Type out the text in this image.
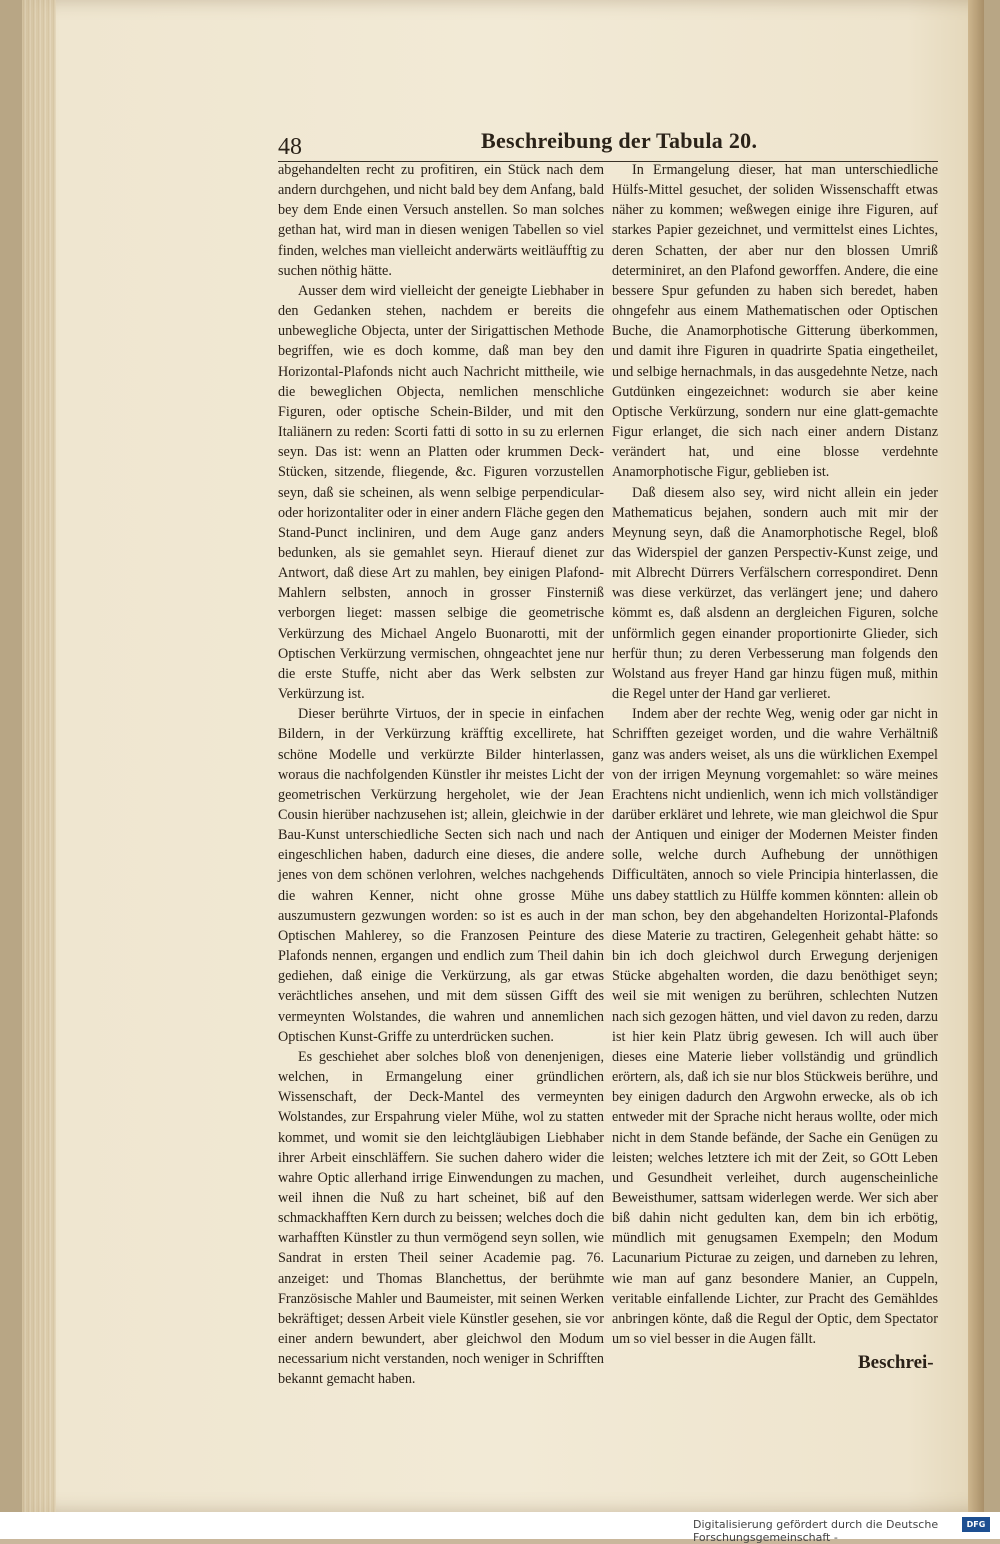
48	Beschreibung der Tabula 20.

abgehandelten recht zu profitiren, ein Stück nach dem andern durchgehen, und nicht bald bey dem Anfang, bald bey dem Ende einen Versuch anstellen. So man solches gethan hat, wird man in diesen wenigen Tabellen so viel finden, welches man vielleicht anderwärts weitläufftig zu suchen nöthig hätte.

Ausser dem wird vielleicht der geneigte Liebhaber in den Gedanken stehen, nachdem er bereits die unbewegliche Objecta, unter der Sirigattischen Methode begriffen, wie es doch komme, daß man bey den Horizontal-Plafonds nicht auch Nachricht mittheile, wie die beweglichen Objecta, nemlichen menschliche Figuren, oder optische Schein-Bilder, und mit den Italiänern zu reden: Scorti fatti di sotto in su zu erlernen seyn. Das ist: wenn an Platten oder krummen Deck-Stücken, sitzende, fliegende, &c. Figuren vorzustellen seyn, daß sie scheinen, als wenn selbige perpendicular- oder horizontaliter oder in einer andern Fläche gegen den Stand-Punct incliniren, und dem Auge ganz anders bedunken, als sie gemahlet seyn. Hierauf dienet zur Antwort, daß diese Art zu mahlen, bey einigen Plafond-Mahlern selbsten, annoch in grosser Finsterniß verborgen lieget: massen selbige die geometrische Verkürzung des Michael Angelo Buonarotti, mit der Optischen Verkürzung vermischen, ohngeachtet jene nur die erste Stuffe, nicht aber das Werk selbsten zur Verkürzung ist.

Dieser berührte Virtuos, der in specie in einfachen Bildern, in der Verkürzung kräfftig excellirete, hat schöne Modelle und verkürzte Bilder hinterlassen, woraus die nachfolgenden Künstler ihr meistes Licht der geometrischen Verkürzung hergeholet, wie der Jean Cousin hierüber nachzusehen ist; allein, gleichwie in der Bau-Kunst unterschiedliche Secten sich nach und nach eingeschlichen haben, dadurch eine dieses, die andere jenes von dem schönen verlohren, welches nachgehends die wahren Kenner, nicht ohne grosse Mühe auszumustern gezwungen worden: so ist es auch in der Optischen Mahlerey, so die Franzosen Peinture des Plafonds nennen, ergangen und endlich zum Theil dahin gediehen, daß einige die Verkürzung, als gar etwas verächtliches ansehen, und mit dem süssen Gifft des vermeynten Wolstandes, die wahren und annemlichen Optischen Kunst-Griffe zu unterdrücken suchen.

Es geschiehet aber solches bloß von denenjenigen, welchen, in Ermangelung einer gründlichen Wissenschaft, der Deck-Mantel des vermeynten Wolstandes, zur Erspahrung vieler Mühe, wol zu statten kommet, und womit sie den leichtgläubigen Liebhaber ihrer Arbeit einschläffern. Sie suchen dahero wider die wahre Optic allerhand irrige Einwendungen zu machen, weil ihnen die Nuß zu hart scheinet, biß auf den schmackhafften Kern durch zu beissen; welches doch die warhafften Künstler zu thun vermögend seyn sollen, wie Sandrat in ersten Theil seiner Academie pag. 76. anzeiget: und Thomas Blanchettus, der berühmte Französische Mahler und Baumeister, mit seinen Werken bekräftiget; dessen Arbeit viele Künstler gesehen, sie vor einer andern bewundert, aber gleichwol den Modum necessarium nicht verstanden, noch weniger in Schrifften bekannt gemacht haben.

In Ermangelung dieser, hat man unterschiedliche Hülfs-Mittel gesuchet, der soliden Wissenschafft etwas näher zu kommen; weßwegen einige ihre Figuren, auf starkes Papier gezeichnet, und vermittelst eines Lichtes, deren Schatten, der aber nur den blossen Umriß determiniret, an den Plafond geworffen. Andere, die eine bessere Spur gefunden zu haben sich beredet, haben ohngefehr aus einem Mathematischen oder Optischen Buche, die Anamorphotische Gitterung überkommen, und damit ihre Figuren in quadrirte Spatia eingetheilet, und selbige hernachmals, in das ausgedehnte Netze, nach Gutdünken eingezeichnet: wodurch sie aber keine Optische Verkürzung, sondern nur eine glatt-gemachte Figur erlanget, die sich nach einer andern Distanz verändert hat, und eine blosse verdehnte Anamorphotische Figur, geblieben ist.

Daß diesem also sey, wird nicht allein ein jeder Mathematicus bejahen, sondern auch mit mir der Meynung seyn, daß die Anamorphotische Regel, bloß das Widerspiel der ganzen Perspectiv-Kunst zeige, und mit Albrecht Dürrers Verfälschern correspondiret. Denn was diese verkürzet, das verlängert jene; und dahero kömmt es, daß alsdenn an dergleichen Figuren, solche unförmlich gegen einander proportionirte Glieder, sich herfür thun; zu deren Verbesserung man folgends den Wolstand aus freyer Hand gar hinzu fügen muß, mithin die Regel unter der Hand gar verlieret.

Indem aber der rechte Weg, wenig oder gar nicht in Schrifften gezeiget worden, und die wahre Verhältniß ganz was anders weiset, als uns die würklichen Exempel von der irrigen Meynung vorgemahlet: so wäre meines Erachtens nicht undienlich, wenn ich mich vollständiger darüber erkläret und lehrete, wie man gleichwol die Spur der Antiquen und einiger der Modernen Meister finden solle, welche durch Aufhebung der unnöthigen Difficultäten, annoch so viele Principia hinterlassen, die uns dabey stattlich zu Hülffe kommen könnten: allein ob man schon, bey den abgehandelten Horizontal-Plafonds diese Materie zu tractiren, Gelegenheit gehabt hätte: so bin ich doch gleichwol durch Erwegung derjenigen Stücke abgehalten worden, die dazu benöthiget seyn; weil sie mit wenigen zu berühren, schlechten Nutzen nach sich gezogen hätten, und viel davon zu reden, darzu ist hier kein Platz übrig gewesen. Ich will auch über dieses eine Materie lieber vollständig und gründlich erörtern, als, daß ich sie nur blos Stückweis berühre, und bey einigen dadurch den Argwohn erwecke, als ob ich entweder mit der Sprache nicht heraus wollte, oder mich nicht in dem Stande befände, der Sache ein Genügen zu leisten; welches letztere ich mit der Zeit, so GOtt Leben und Gesundheit verleihet, durch augenscheinliche Beweisthumer, sattsam widerlegen werde. Wer sich aber biß dahin nicht gedulten kan, dem bin ich erbötig, mündlich mit genugsamen Exempeln; den Modum Lacunarium Picturae zu zeigen, und darneben zu lehren, wie man auf ganz besondere Manier, an Cuppeln, veritable einfallende Lichter, zur Pracht des Gemähldes anbringen könte, daß die Regul der Optic, dem Spectator um so viel besser in die Augen fällt.

Beschrei-
Digitalisierung gefördert durch die Deutsche Forschungsgemeinschaft -
DFG
